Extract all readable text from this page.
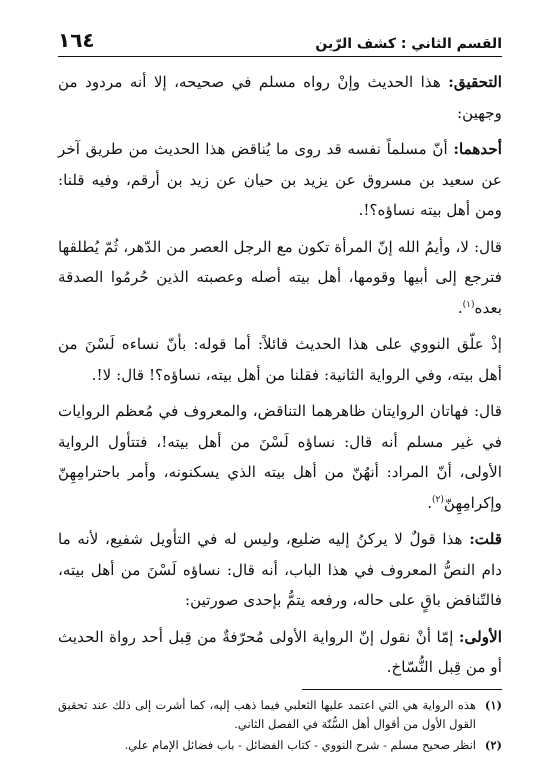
القسم الثاني : كشف الرّين
١٦٤

التحقيق: هذا الحديث وإنْ رواه مسلم في صحيحه، إلا أنه مردود من وجهين:

أحدهما: أنّ مسلماً نفسه قد روى ما يُناقض هذا الحديث من طريق آخر عن سعيد بن مسروق عن يزيد بن حيان عن زيد بن أرقم، وفيه قلنا: ومن أهل بيته نساؤه؟!.

قال: لا، وأيمُ الله إنّ المرأة تكون مع الرجل العصر من الدّهر، ثُمّ يُطلقها فترجع إلى أبيها وقومها، أهل بيته أصله وعصبته الذين حُرمُوا الصدقة بعده$^{(١)}$.

إذْ علّق النووي على هذا الحديث قائلاً: أما قوله: بأنّ نساءه لَسْنَ من أهل بيته، وفي الرواية الثانية: فقلنا من أهل بيته، نساؤه؟! قال: لا!.

قال: فهاتان الروايتان ظاهرهما التناقض، والمعروف في مُعظم الروايات في غير مسلم أنه قال: نساؤه لَسْنَ من أهل بيته!، فتتأول الرواية الأولى، أنّ المراد: أنهُنّ من أهل بيته الذي يسكنونه، وأمر باحترامِهِنّ وإكرامِهِنّ$^{(٢)}$.

قلت: هذا قولٌ لا يركنُ إليه ضليع، وليس له في التأويل شفيع، لأنه ما دام النصُّ المعروف في هذا الباب، أنه قال: نساؤه لَسْنَ من أهل بيته، فالتّناقض باقٍ على حاله، ورفعه يتمُّ بإحدى صورتين:

الأولى: إمّا أنْ نقول إنّ الرواية الأولى مُحرّفةٌ من قِبل أحد رواة الحديث أو من قِبل النُّسّاخ.

(١)
هذه الرواية هي التي اعتمد عليها الثعلبي فيما ذهب إليه، كما أشرت إلى ذلك عند تحقيق القول الأول من أقوال أهل السُّنّة في الفصل الثاني.
(٢)
انظر صحيح مسلم - شرح النووي - كتاب الفضائل - باب فضائل الإمام علي.
